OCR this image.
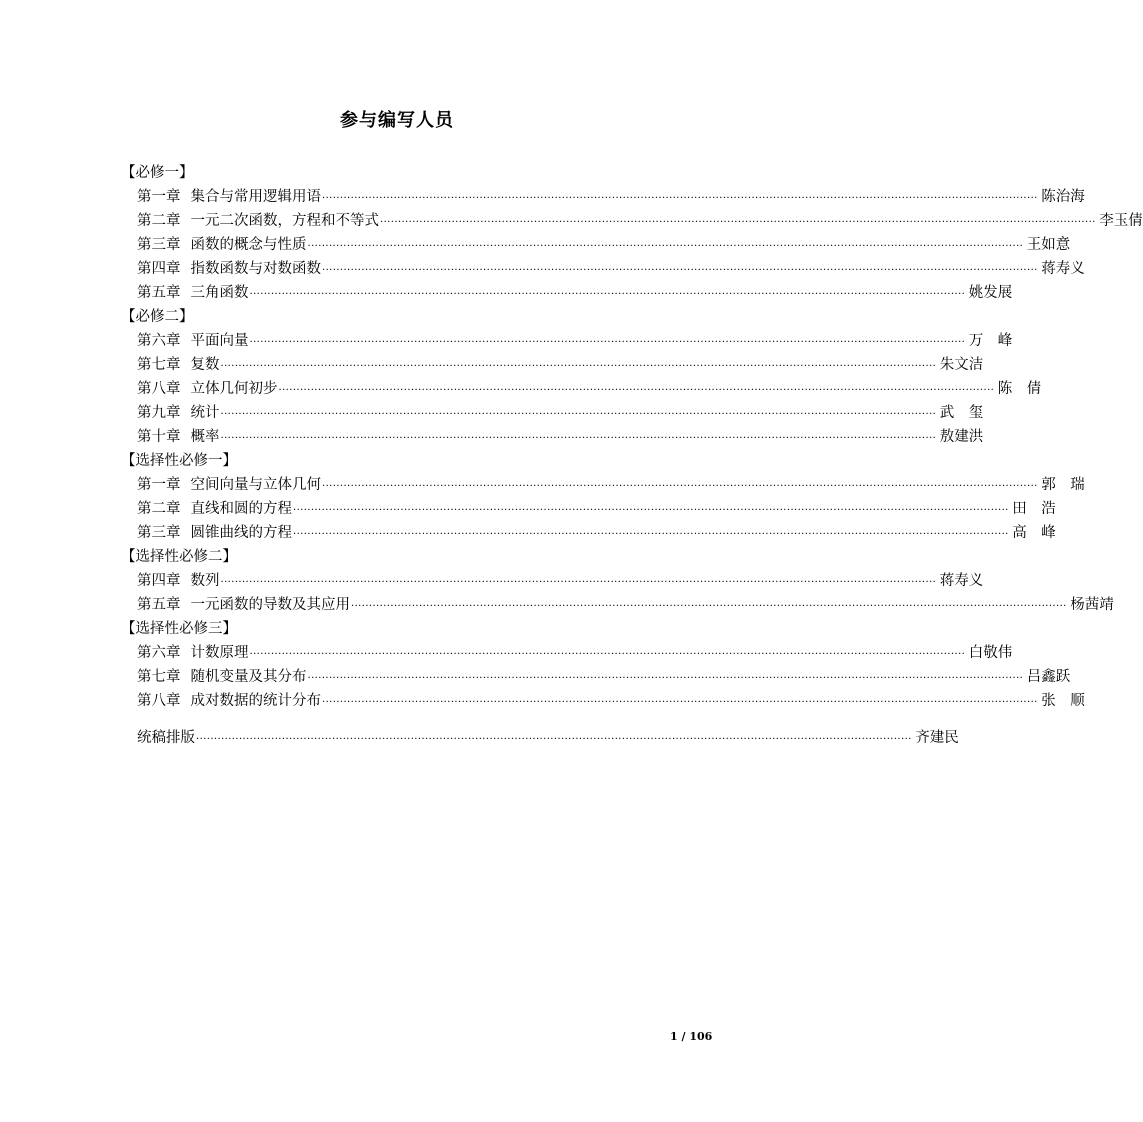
参与编写人员
【必修一】
第一章 集合与常用逻辑用语 ········································································································································································································ 陈治海
第二章 一元二次函数，方程和不等式 ········································································································································································································ 李玉倩
第三章 函数的概念与性质 ········································································································································································································ 王如意
第四章 指数函数与对数函数 ········································································································································································································ 蒋寿义
第五章 三角函数 ········································································································································································································ 姚发展
【必修二】
第六章 平面向量 ········································································································································································································ 万　峰
第七章 复数 ········································································································································································································ 朱文洁
第八章 立体几何初步 ········································································································································································································ 陈　倩
第九章 统计 ········································································································································································································ 武　玺
第十章 概率 ········································································································································································································ 敖建洪
【选择性必修一】
第一章 空间向量与立体几何 ········································································································································································································ 郭　瑞
第二章 直线和圆的方程 ········································································································································································································ 田　浩
第三章 圆锥曲线的方程 ········································································································································································································ 高　峰
【选择性必修二】
第四章 数列 ········································································································································································································ 蒋寿义
第五章 一元函数的导数及其应用 ········································································································································································································ 杨茜靖
【选择性必修三】
第六章 计数原理 ········································································································································································································ 白敬伟
第七章 随机变量及其分布 ········································································································································································································ 吕鑫跃
第八章 成对数据的统计分布 ········································································································································································································ 张　顺
统稿排版 ········································································································································································································ 齐建民
1 / 106
